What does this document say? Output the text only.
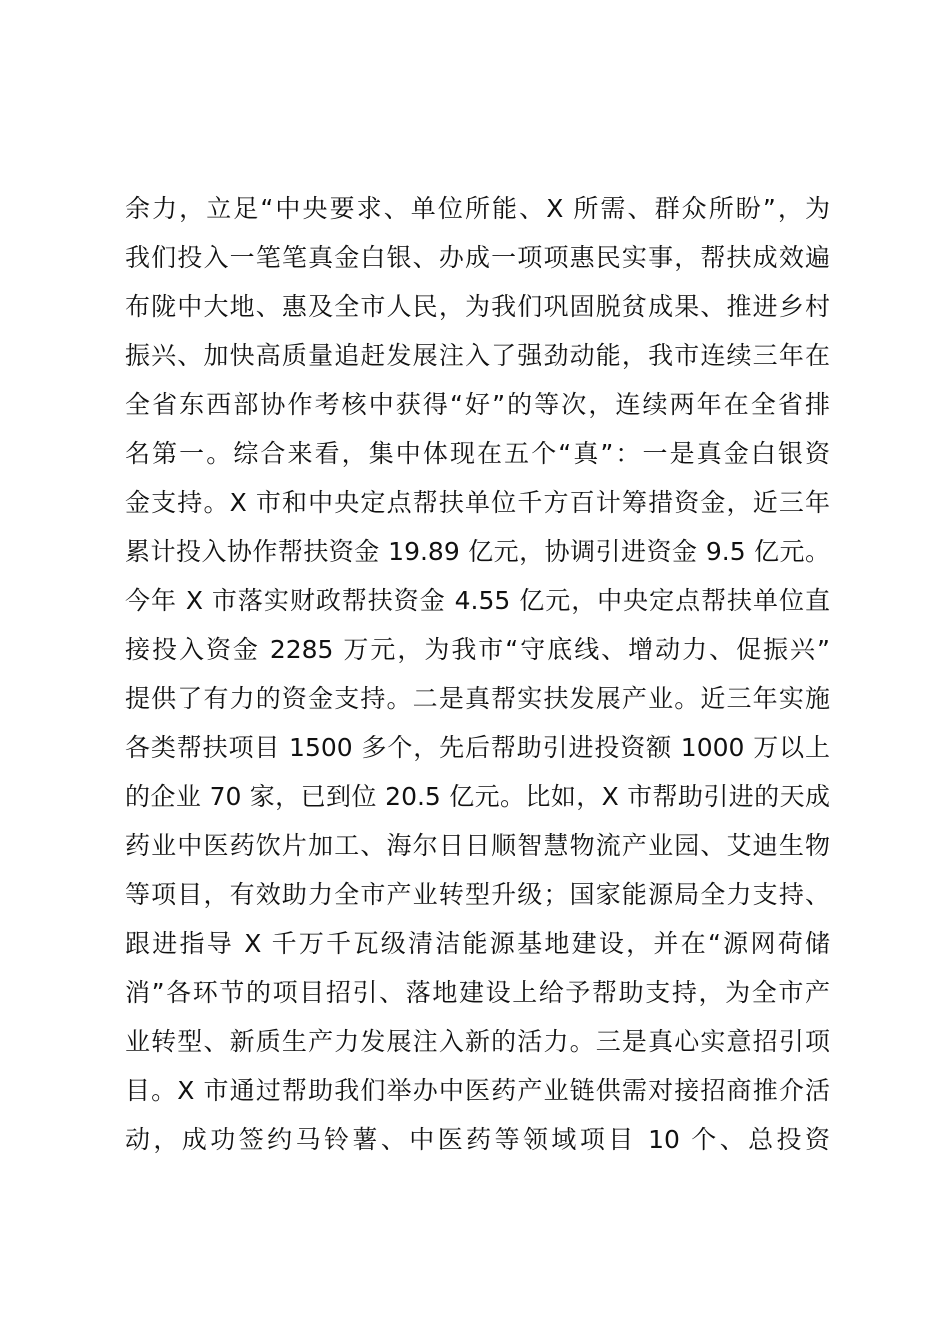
余力，立足“中央要求、单位所能、X 所需、群众所盼”，为
我们投入一笔笔真金白银、办成一项项惠民实事，帮扶成效遍
布陇中大地、惠及全市人民，为我们巩固脱贫成果、推进乡村
振兴、加快高质量追赶发展注入了强劲动能，我市连续三年在
全省东西部协作考核中获得“好”的等次，连续两年在全省排
名第一。综合来看，集中体现在五个“真”：一是真金白银资
金支持。X 市和中央定点帮扶单位千方百计筹措资金，近三年
累计投入协作帮扶资金 19.89 亿元，协调引进资金 9.5 亿元。
今年 X 市落实财政帮扶资金 4.55 亿元，中央定点帮扶单位直
接投入资金 2285 万元，为我市“守底线、增动力、促振兴”
提供了有力的资金支持。二是真帮实扶发展产业。近三年实施
各类帮扶项目 1500 多个，先后帮助引进投资额 1000 万以上
的企业 70 家，已到位 20.5 亿元。比如，X 市帮助引进的天成
药业中医药饮片加工、海尔日日顺智慧物流产业园、艾迪生物
等项目，有效助力全市产业转型升级；国家能源局全力支持、
跟进指导 X 千万千瓦级清洁能源基地建设，并在“源网荷储
消”各环节的项目招引、落地建设上给予帮助支持，为全市产
业转型、新质生产力发展注入新的活力。三是真心实意招引项
目。X 市通过帮助我们举办中医药产业链供需对接招商推介活
动，成功签约马铃薯、中医药等领域项目 10 个、总投资
